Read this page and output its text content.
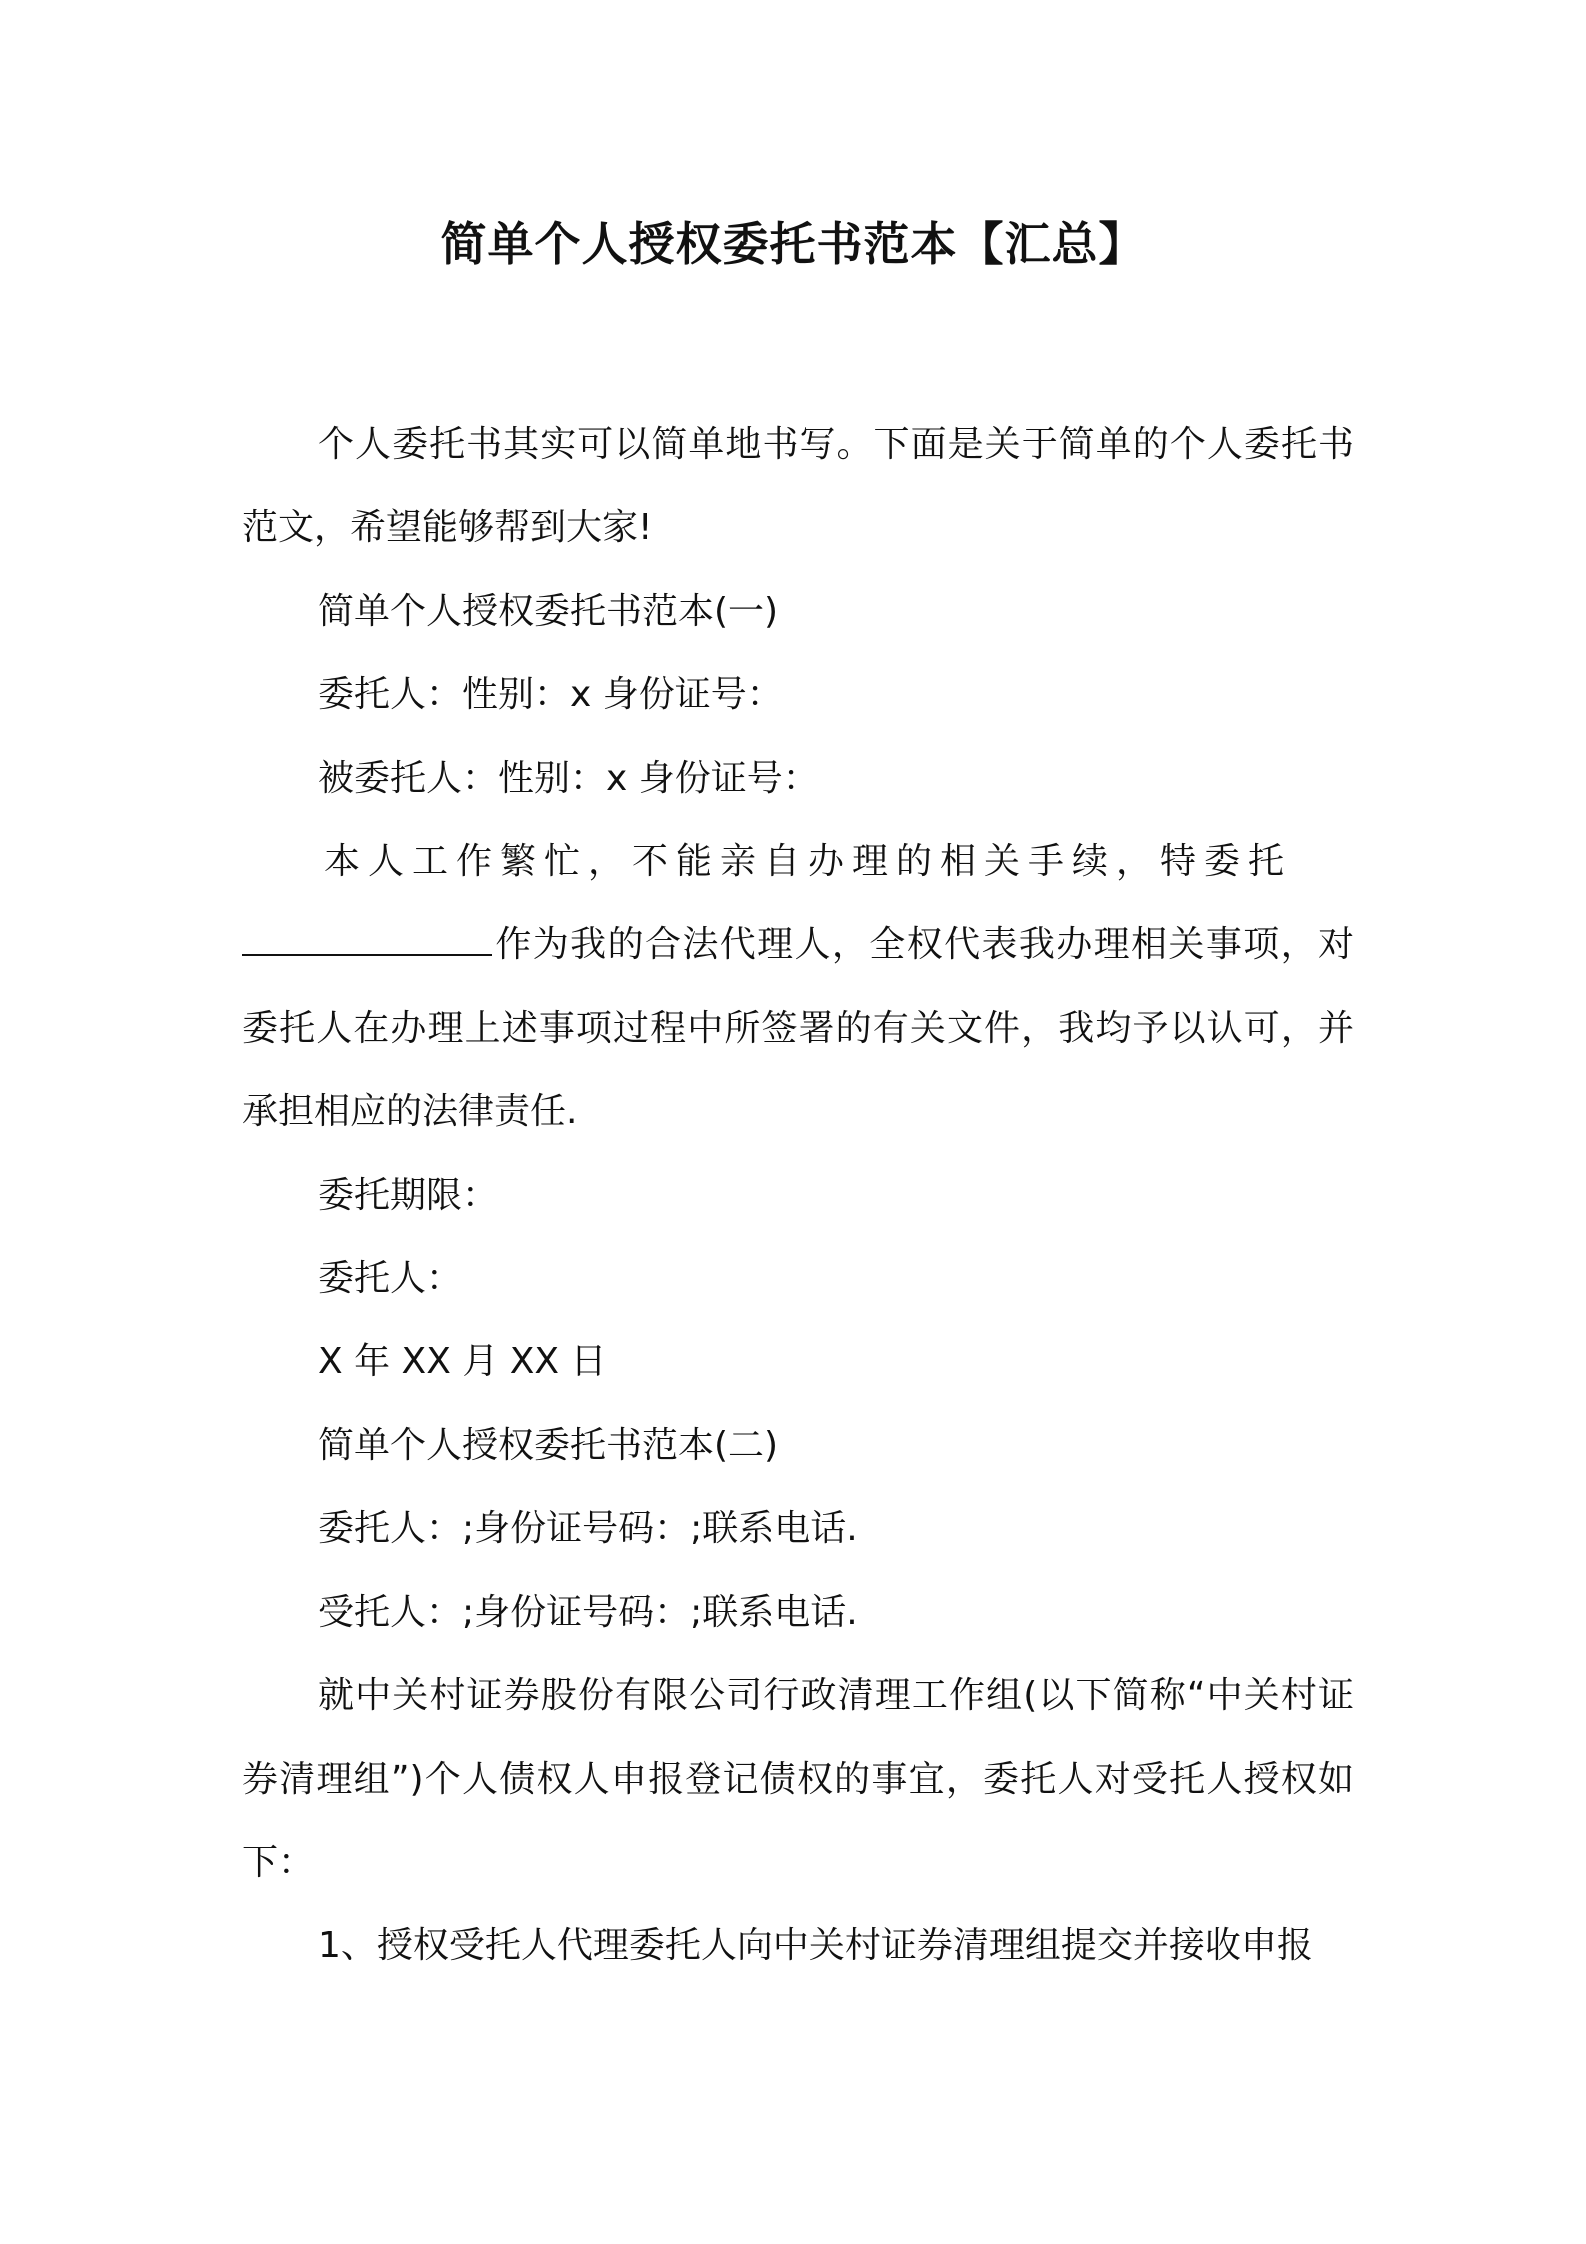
简单个人授权委托书范本【汇总】

个人委托书其实可以简单地书写。下面是关于简单的个人委托书范文，希望能够帮到大家!

简单个人授权委托书范本(一)

委托人：性别：x 身份证号：

被委托人：性别：x 身份证号：

本人工作繁忙，不能亲自办理的相关手续，特委托

作为我的合法代理人，全权代表我办理相关事项，对委托人在办理上述事项过程中所签署的有关文件，我均予以认可，并承担相应的法律责任.

委托期限：

委托人：

X 年 XX 月 XX 日

简单个人授权委托书范本(二)

委托人：;身份证号码：;联系电话.

受托人：;身份证号码：;联系电话.

就中关村证券股份有限公司行政清理工作组(以下简称“中关村证券清理组”)个人债权人申报登记债权的事宜，委托人对受托人授权如下：

1、授权受托人代理委托人向中关村证券清理组提交并接收申报
